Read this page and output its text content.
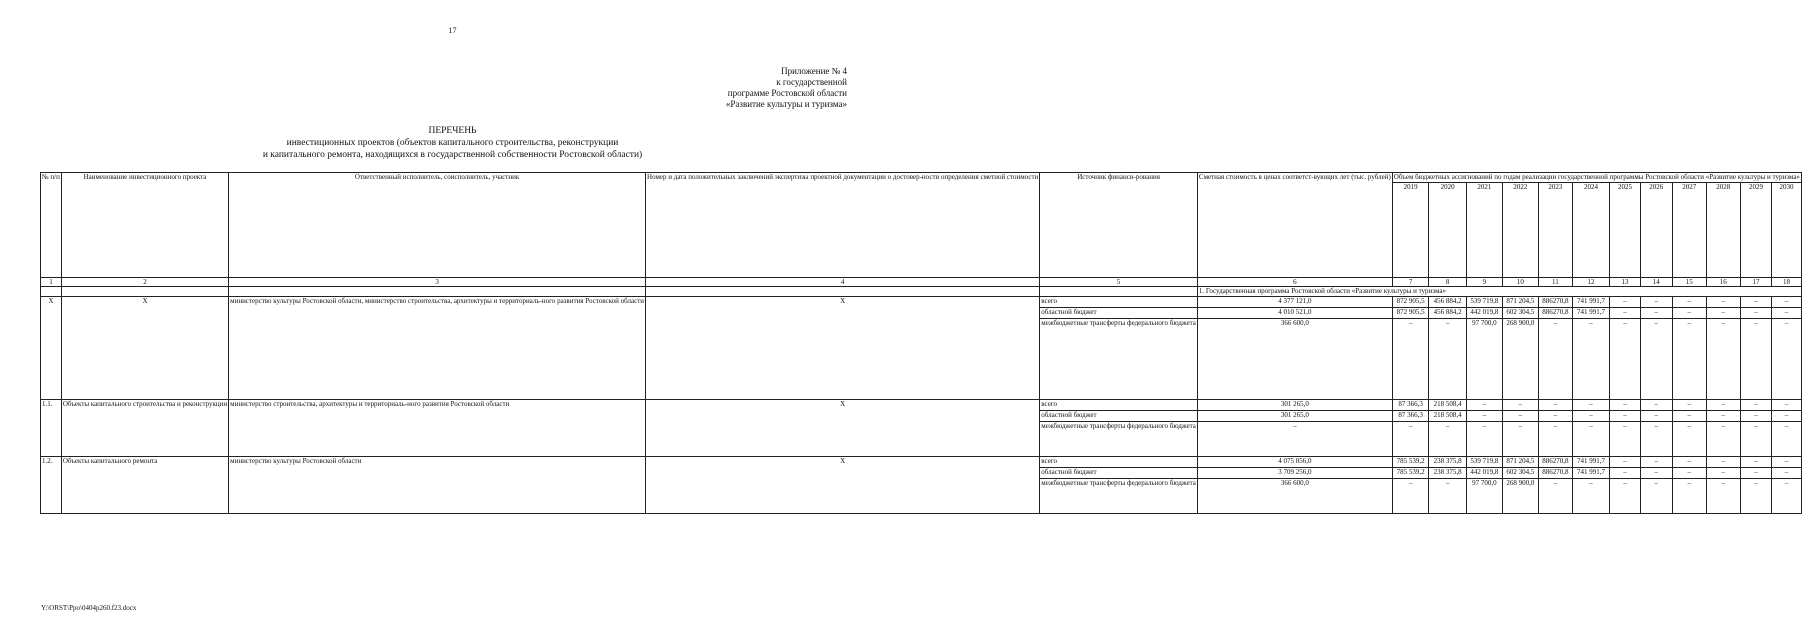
17
Приложение № 4
к государственной
программе Ростовской области
«Развитие культуры и туризма»
ПЕРЕЧЕНЬ
инвестиционных проектов (объектов капитального строительства, реконструкции
и капитального ремонта, находящихся в государственной собственности Ростовской области)
№ п/п	Наименование инвестиционного проекта	Ответственный исполнитель, соисполнитель, участник	Номер и дата положительных заключений экспертизы проектной документации о достовер-ности определения сметной стоимости	Источник финанси-рования	Сметная стоимость в ценах соответст-вующих лет (тыс. рублей)	Объем бюджетных ассигнований по годам реализации государственной программы Ростовской области «Развитие культуры и туризма»											
						2019	2020	2021	2022	2023	2024	2025	2026	2027	2028	2029	2030
1	2	3	4	5	6	7	8	9	10	11	12	13	14	15	16	17	18
					1. Государственная программа Ростовской области «Развитие культуры и туризма»												
X	X	министерство культуры Ростовской области, министерство строительства, архитектуры и территориаль-ного развития Ростовской области	X	всего	4 377 121,0	872 905,5	456 884,2	539 719,8	871 204,5	886270,8	741 991,7	–	–	–	–	–	–
				областной бюджет	4 010 521,0	872 905,5	456 884,2	442 019,8	602 304,5	886270,8	741 991,7	–	–	–	–	–	–
				межбюджетные трансферты федерального бюджета	366 600,0	–	–	97 700,0	268 900,0	–	–	–	–	–	–	–	–
1.1.	Объекты капитального строительства и реконструкции	министерство строительства, архитектуры и территориаль-ного развития Ростовской области	X	всего	301 265,0	87 366,3	218 508,4	–	–	–	–	–	–	–	–	–	–
				областной бюджет	301 265,0	87 366,3	218 508,4	–	–	–	–	–	–	–	–	–	–
				межбюджетные трансферты федерального бюджета	–	–	–	–	–	–	–	–	–	–	–	–	–
1.2.	Объекты капитального ремонта	министерство культуры Ростовской области	X	всего	4 075 856,0	785 539,2	238 375,8	539 719,8	871 204,5	886270,8	741 991,7	–	–	–	–	–	–
				областной бюджет	3 709 256,0	785 539,2	238 375,8	442 019,8	602 304,5	886270,8	741 991,7	–	–	–	–	–	–
				межбюджетные трансферты федерального бюджета	366 600,0	–	–	97 700,0	268 900,0	–	–	–	–	–	–	–	–
Y:\ORST\Ppo\0404p260.f23.docx
